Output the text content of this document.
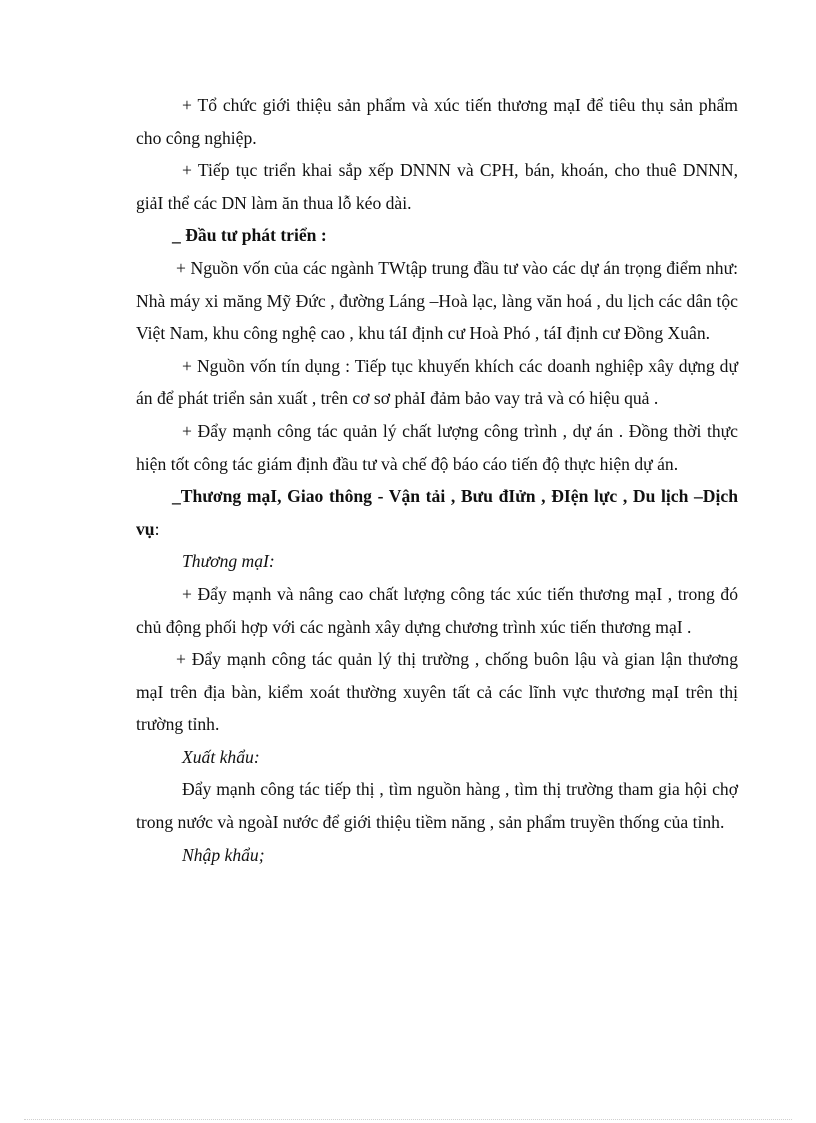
+ Tổ chức giới thiệu sản phẩm và xúc tiến thương mạI để tiêu thụ sản phẩm cho công nghiệp.

+ Tiếp tục triển khai sắp xếp DNNN và CPH, bán, khoán, cho thuê DNNN, giảI thể các DN làm ăn thua lỗ kéo dài.

_ Đầu tư phát triển :

+ Nguồn vốn của các ngành TWtập trung đầu tư vào các dự án trọng điểm như: Nhà máy xi măng Mỹ Đức , đường Láng –Hoà lạc, làng văn hoá , du lịch các dân tộc Việt Nam, khu công nghệ cao , khu táI định cư Hoà Phó , táI định cư Đồng Xuân.

+ Nguồn vốn tín dụng : Tiếp tục khuyến khích các doanh nghiệp xây dựng dự án để phát triển sản xuất , trên cơ sơ phảI đảm bảo vay trả và có hiệu quả .

+ Đẩy mạnh công tác quản lý chất lượng công trình , dự án . Đồng thời thực hiện tốt công tác giám định đầu tư và chế độ báo cáo tiến độ thực hiện dự án.

_Thương mạI, Giao thông - Vận tải , Bưu đIửn , ĐIện lực , Du lịch –Dịch vụ:

Thương mạI:

+ Đẩy mạnh và nâng cao chất lượng công tác xúc tiến thương mạI , trong đó chủ động phối hợp với các ngành xây dựng chương trình xúc tiến thương mạI .

+ Đẩy mạnh công tác quản lý thị trường , chống buôn lậu và gian lận thương mạI trên địa bàn, kiểm xoát thường xuyên tất cả các lĩnh vực thương mạI trên thị trường tỉnh.

Xuất khẩu:

Đẩy mạnh công tác tiếp thị , tìm nguồn hàng , tìm thị trường tham gia hội chợ trong nước và ngoàI nước để giới thiệu tiềm năng , sản phẩm truyền thống của tỉnh.

Nhập khẩu;
